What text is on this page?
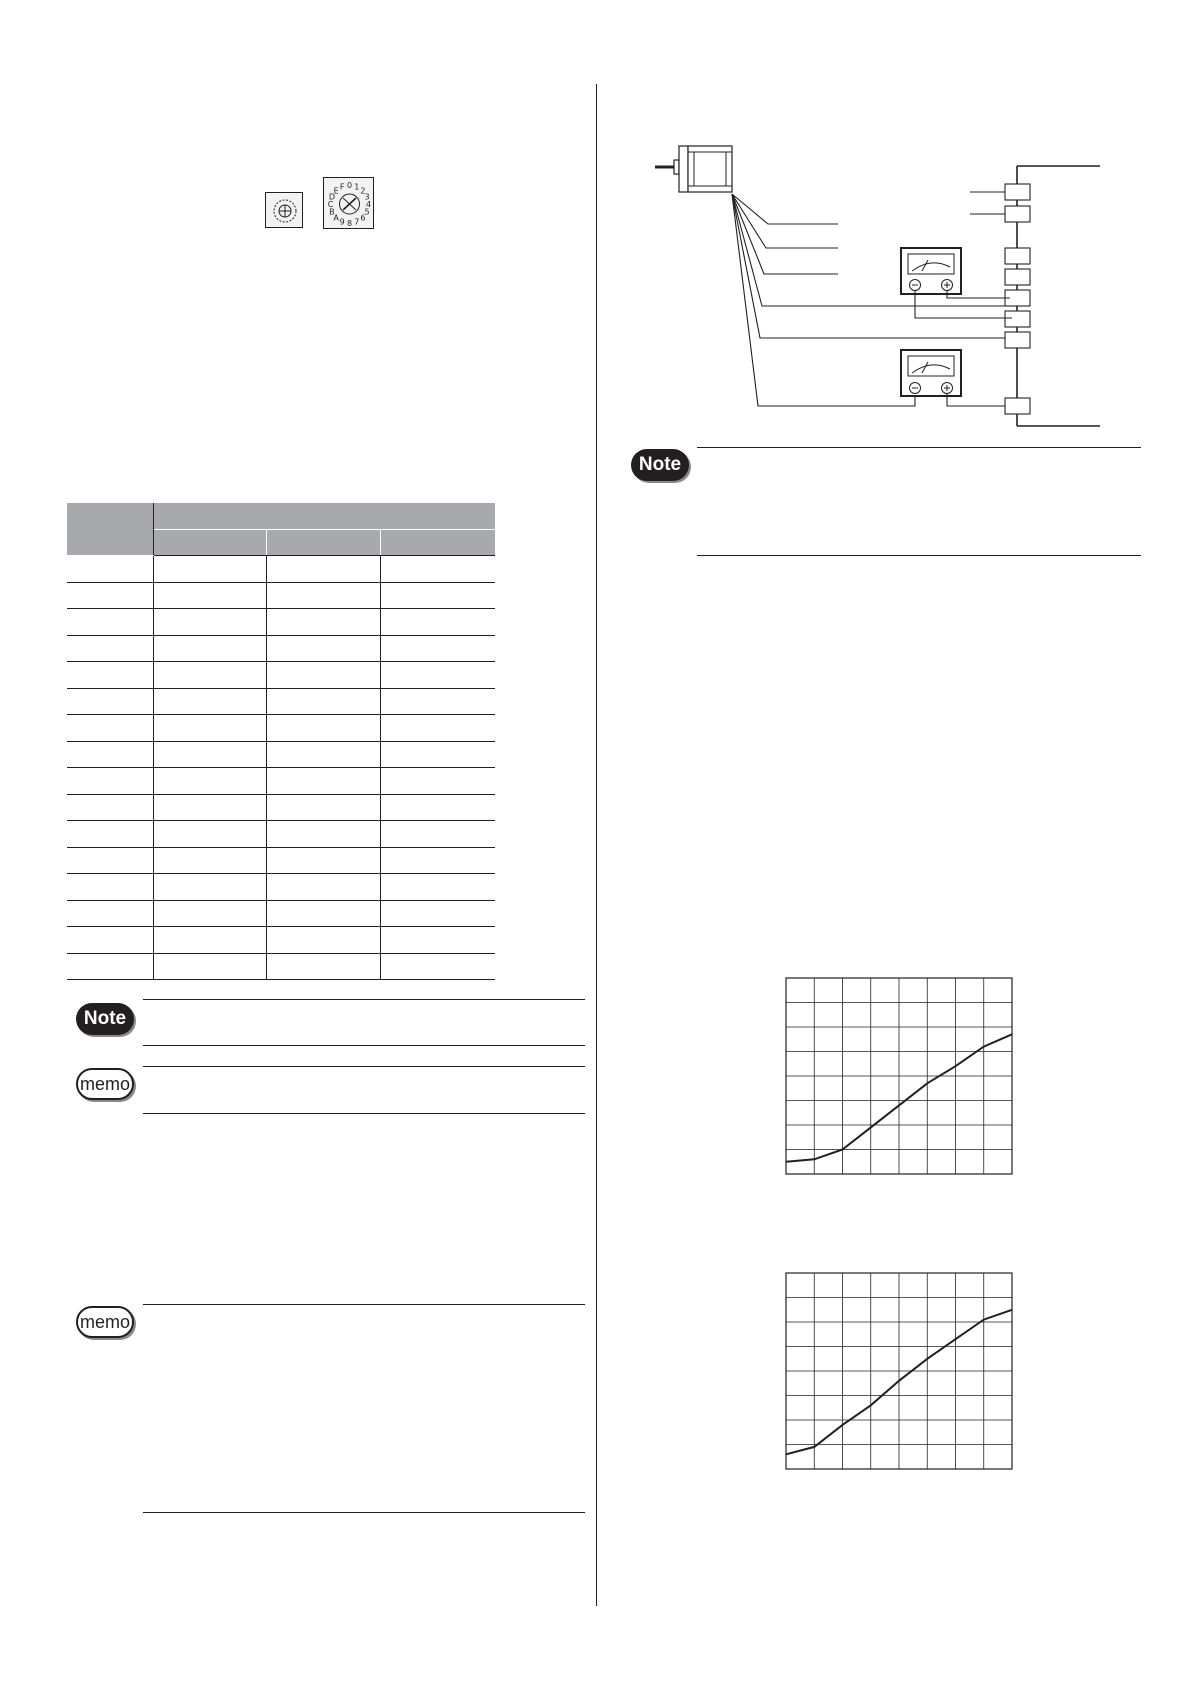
0 1 2
3
4
5
6
7
8
9
A
B
C
D
E F

Note
memo
memo
Note
